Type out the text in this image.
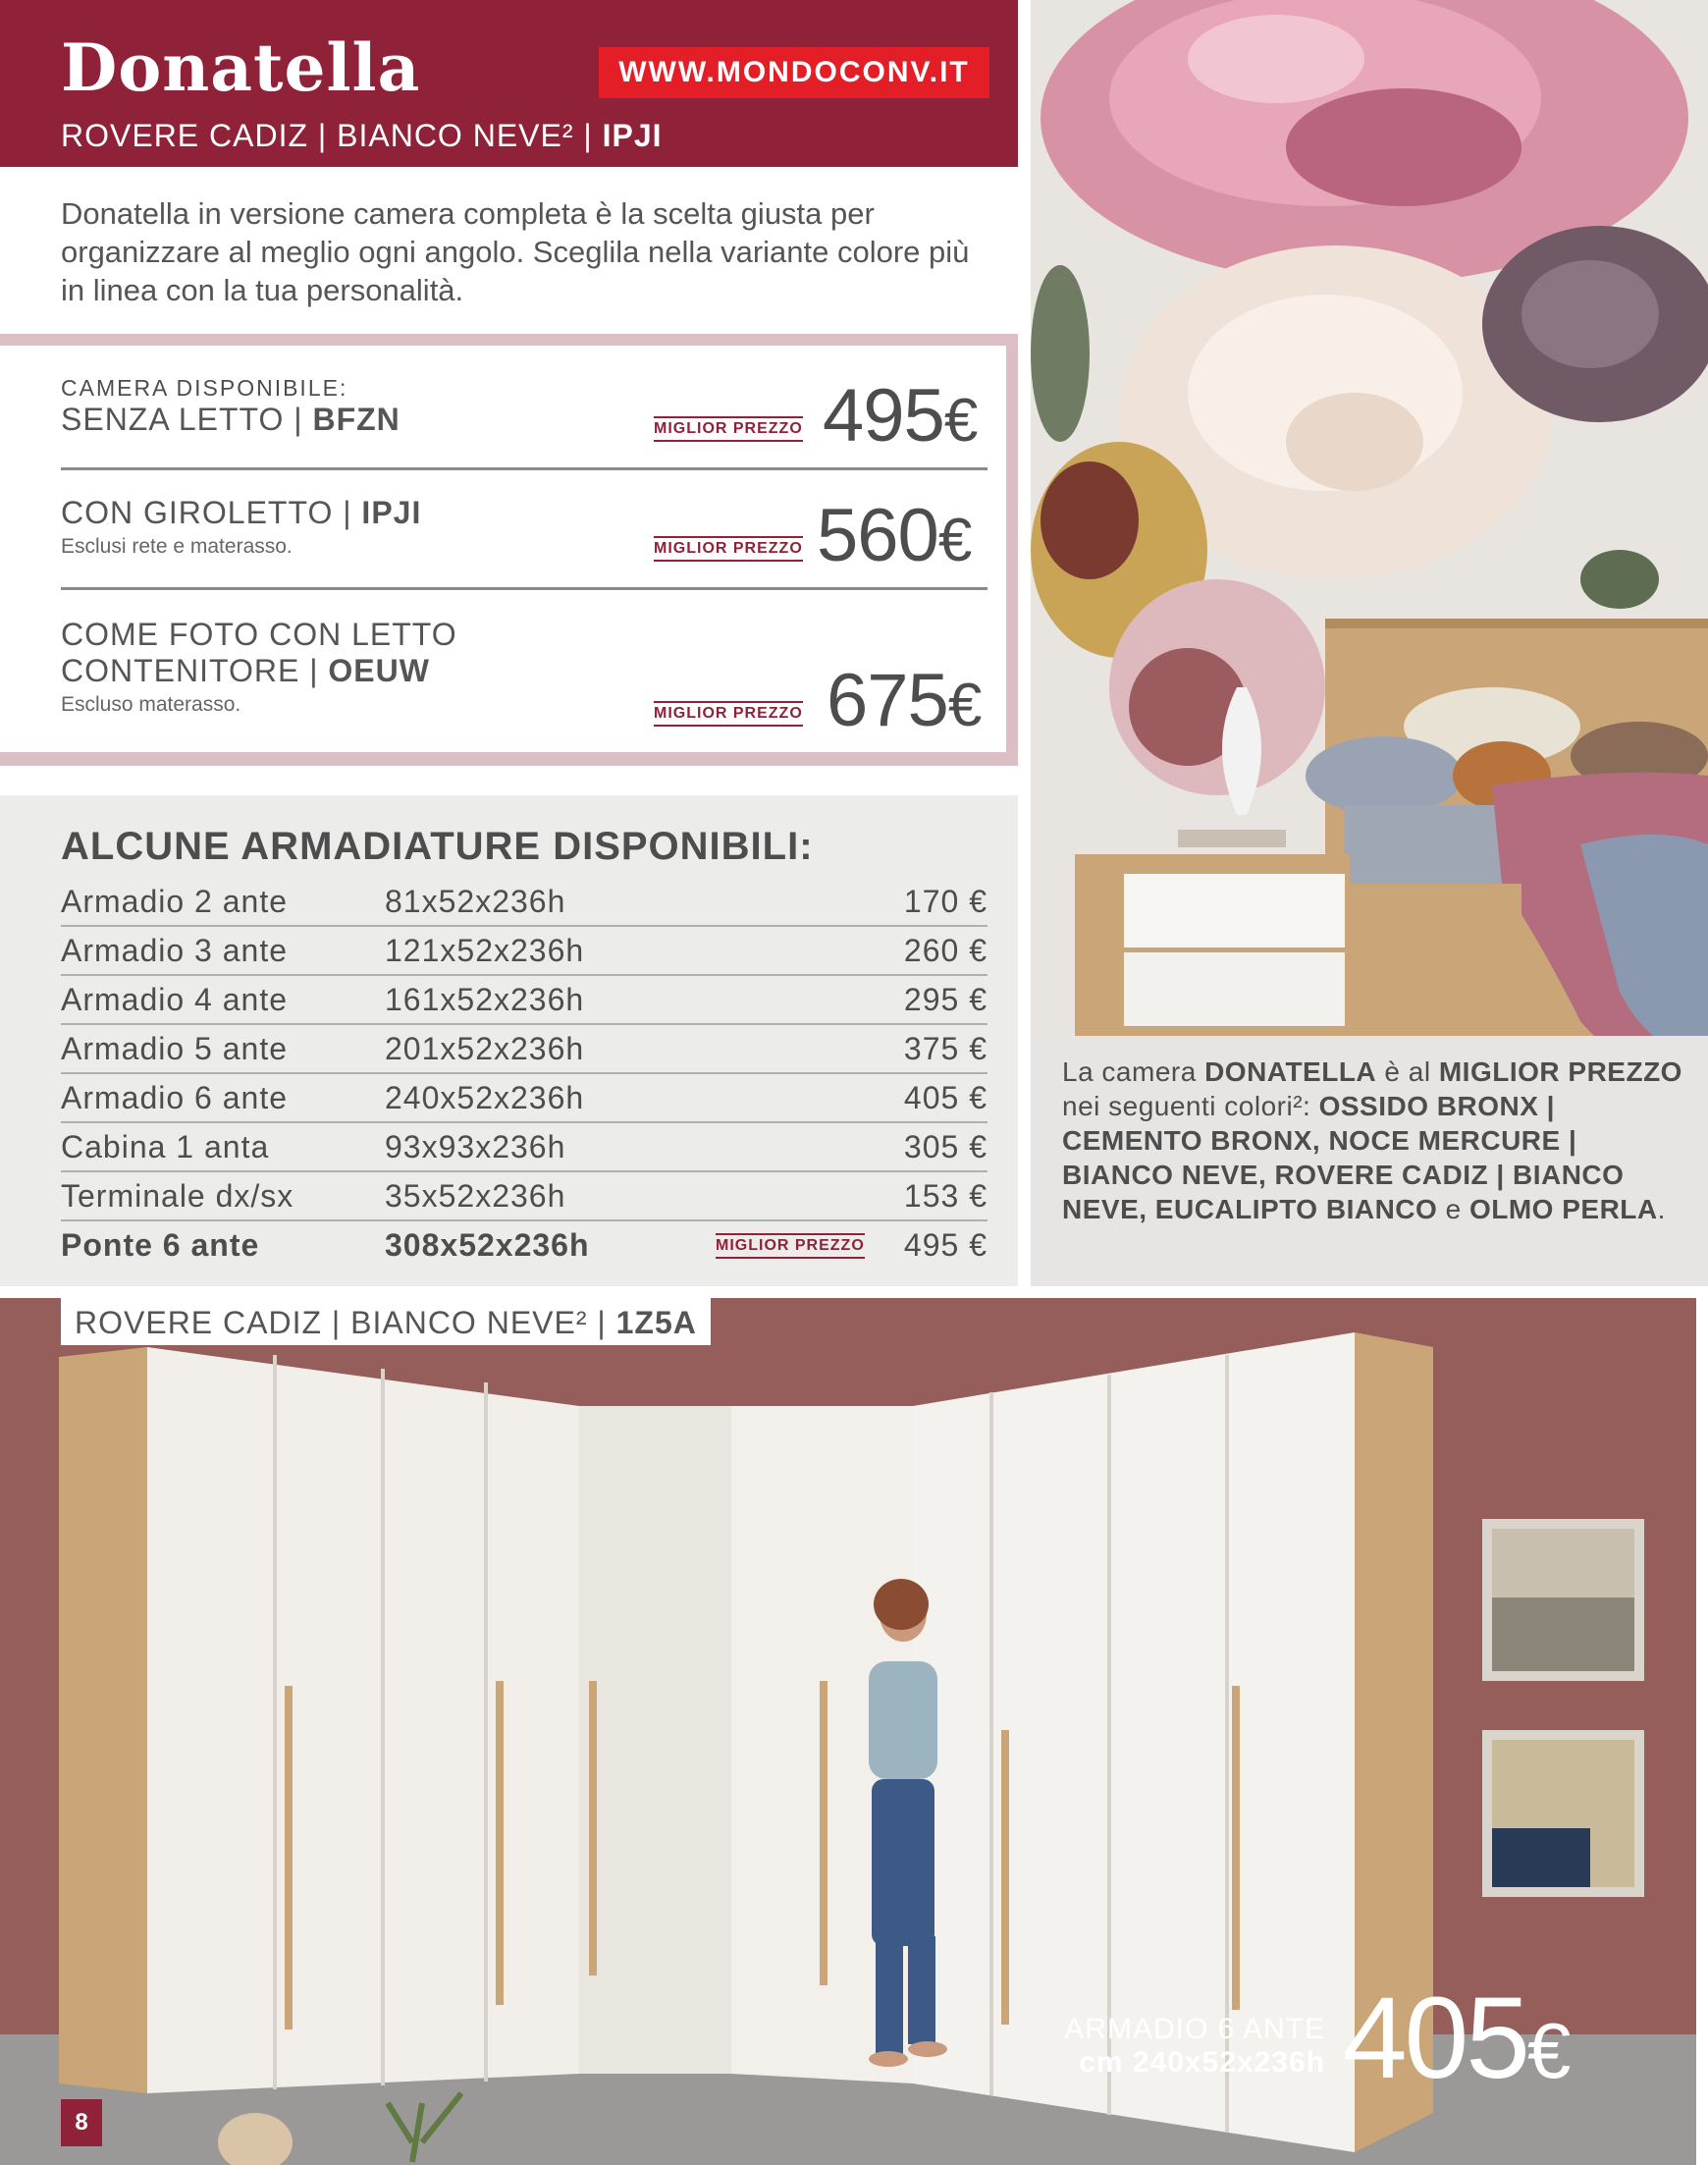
Donatella	WWW.MONDOCONV.IT
ROVERE CADIZ | BIANCO NEVE² | IPJI
Donatella in versione camera completa è la scelta giusta per organizzare al meglio ogni angolo. Sceglila nella variante colore più in linea con la tua personalità.
CAMERA DISPONIBILE:
SENZA LETTO | BFZN	MIGLIOR PREZZO 495€
CON GIROLETTO | IPJI
Esclusi rete e materasso.	MIGLIOR PREZZO 560€
COME FOTO CON LETTO
CONTENITORE | OEUW
Escluso materasso.	MIGLIOR PREZZO 675€
ALCUNE ARMADIATURE DISPONIBILI:
Armadio 2 ante	81x52x236h	170 €
Armadio 3 ante	121x52x236h	260 €
Armadio 4 ante	161x52x236h	295 €
Armadio 5 ante	201x52x236h	375 €
Armadio 6 ante	240x52x236h	405 €
Cabina 1 anta	93x93x236h	305 €
Terminale dx/sx	35x52x236h	153 €
Ponte 6 ante	308x52x236h	MIGLIOR PREZZO 495 €
La camera DONATELLA è al MIGLIOR PREZZO nei seguenti colori²: OSSIDO BRONX | CEMENTO BRONX, NOCE MERCURE | BIANCO NEVE, ROVERE CADIZ | BIANCO NEVE, EUCALIPTO BIANCO e OLMO PERLA.
ROVERE CADIZ | BIANCO NEVE² | 1Z5A
ARMADIO 6 ANTE
cm 240x52x236h 405€
8
